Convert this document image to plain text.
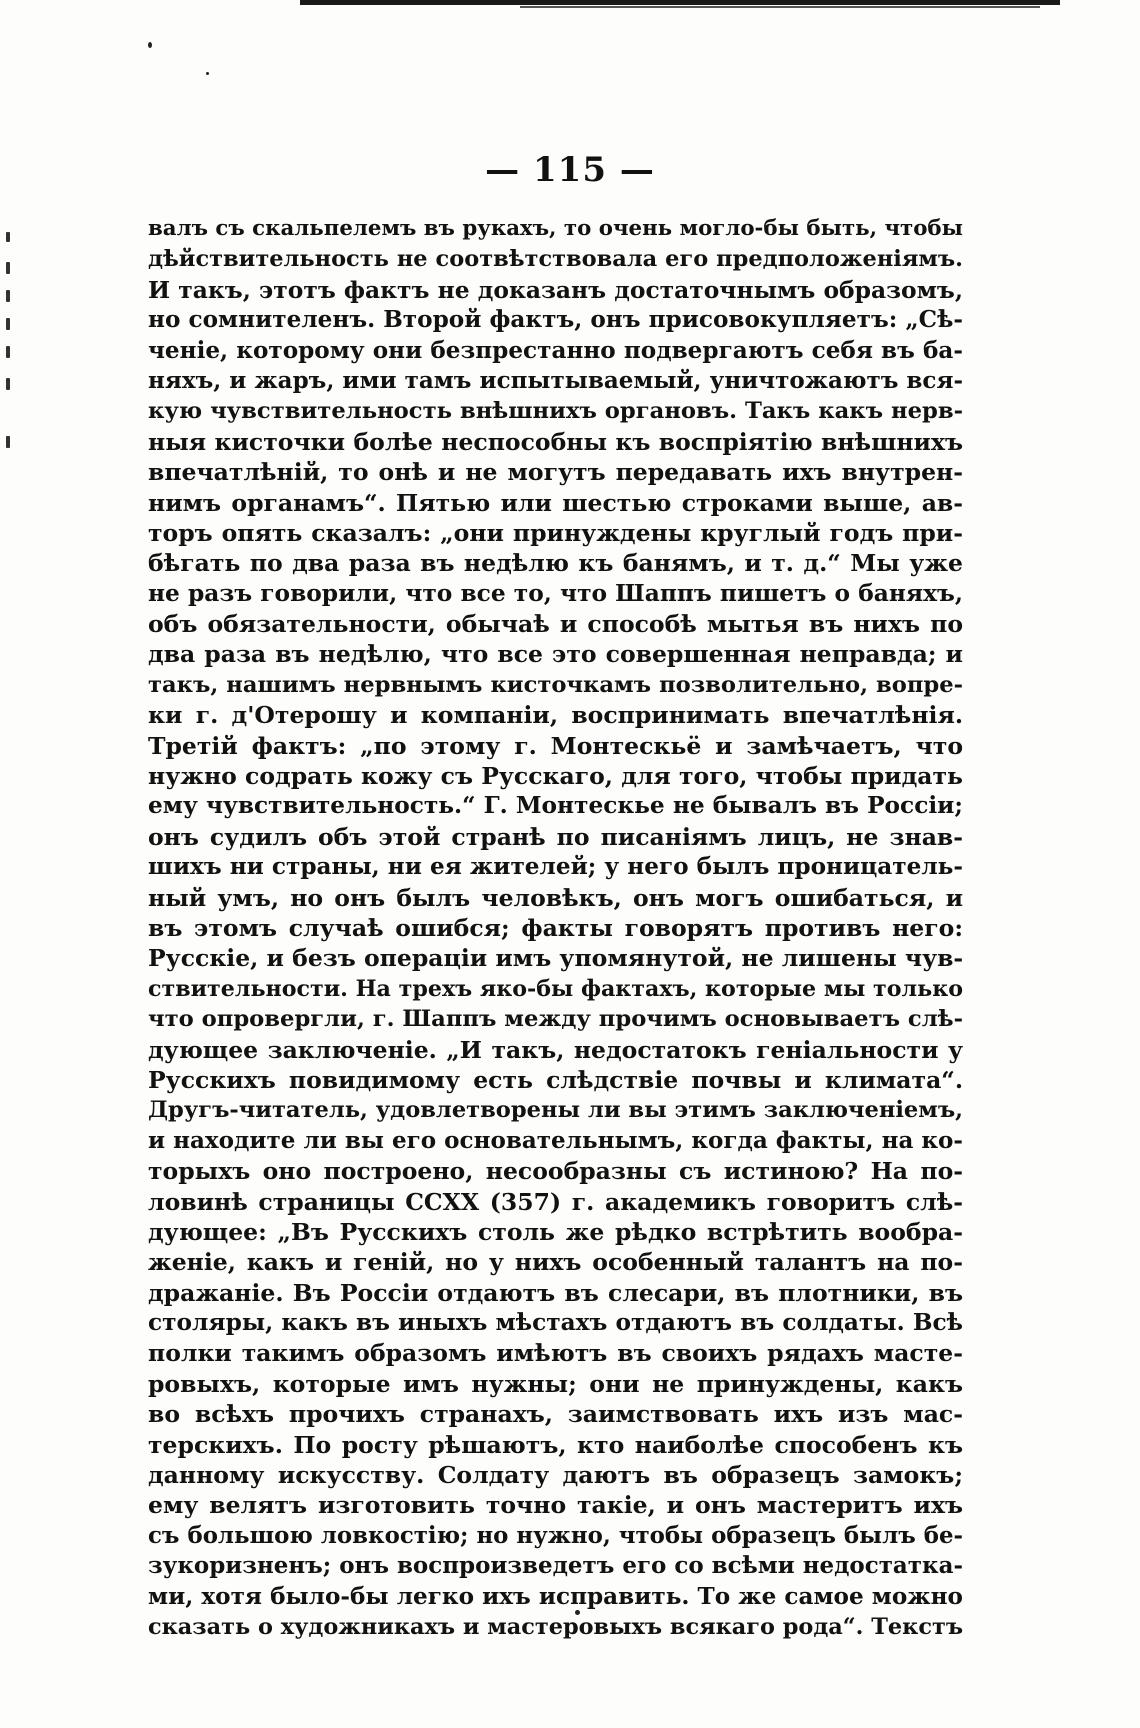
— 115 —
валъ съ скальпелемъ въ рукахъ, то очень могло-бы быть, чтобы
дѣйствительность не соотвѣтствовала его предположеніямъ.
И такъ, этотъ фактъ не доказанъ достаточнымъ образомъ,
но сомнителенъ. Второй фактъ, онъ присовокупляетъ: „Сѣ-
ченіе, которому они безпрестанно подвергаютъ себя въ ба-
няхъ, и жаръ, ими тамъ испытываемый, уничтожаютъ вся-
кую чувствительность внѣшнихъ органовъ. Такъ какъ нерв-
ныя кисточки болѣе неспособны къ воспріятію внѣшнихъ
впечатлѣній, то онѣ и не могутъ передавать ихъ внутрен-
нимъ органамъ“. Пятью или шестью строками выше, ав-
торъ опять сказалъ: „они принуждены круглый годъ при-
бѣгать по два раза въ недѣлю къ банямъ, и т. д.“ Мы уже
не разъ говорили, что все то, что Шаппъ пишетъ о баняхъ,
объ обязательности, обычаѣ и способѣ мытья въ нихъ по
два раза въ недѣлю, что все это совершенная неправда; и
такъ, нашимъ нервнымъ кисточкамъ позволительно, вопре-
ки г. д'Отерошу и компаніи, воспринимать впечатлѣнія.
Третій фактъ: „по этому г. Монтескьё и замѣчаетъ, что
нужно содрать кожу съ Русскаго, для того, чтобы придать
ему чувствительность.“ Г. Монтескье не бывалъ въ Россіи;
онъ судилъ объ этой странѣ по писаніямъ лицъ, не знав-
шихъ ни страны, ни ея жителей; у него былъ проницатель-
ный умъ, но онъ былъ человѣкъ, онъ могъ ошибаться, и
въ этомъ случаѣ ошибся; факты говорятъ противъ него:
Русскіе, и безъ операціи имъ упомянутой, не лишены чув-
ствительности. На трехъ яко-бы фактахъ, которые мы только
что опровергли, г. Шаппъ между прочимъ основываетъ слѣ-
дующее заключеніе. „И такъ, недостатокъ геніальности у
Русскихъ повидимому есть слѣдствіе почвы и климата“.
Другъ-читатель, удовлетворены ли вы этимъ заключеніемъ,
и находите ли вы его основательнымъ, когда факты, на ко-
торыхъ оно построено, несообразны съ истиною? На по-
ловинѣ страницы CCXX (357) г. академикъ говоритъ слѣ-
дующее: „Въ Русскихъ столь же рѣдко встрѣтить вообра-
женіе, какъ и геній, но у нихъ особенный талантъ на по-
дражаніе. Въ Россіи отдаютъ въ слесари, въ плотники, въ
столяры, какъ въ иныхъ мѣстахъ отдаютъ въ солдаты. Всѣ
полки такимъ образомъ имѣютъ въ своихъ рядахъ масте-
ровыхъ, которые имъ нужны; они не принуждены, какъ
во всѣхъ прочихъ странахъ, заимствовать ихъ изъ мас-
терскихъ. По росту рѣшаютъ, кто наиболѣе способенъ къ
данному искусству. Солдату даютъ въ образецъ замокъ;
ему велятъ изготовить точно такіе, и онъ мастеритъ ихъ
съ большою ловкостію; но нужно, чтобы образецъ былъ бе-
зукоризненъ; онъ воспроизведетъ его со всѣми недостатка-
ми, хотя было-бы легко ихъ исправить. То же самое можно
сказать о художникахъ и мастеровыхъ всякаго рода“. Текстъ
